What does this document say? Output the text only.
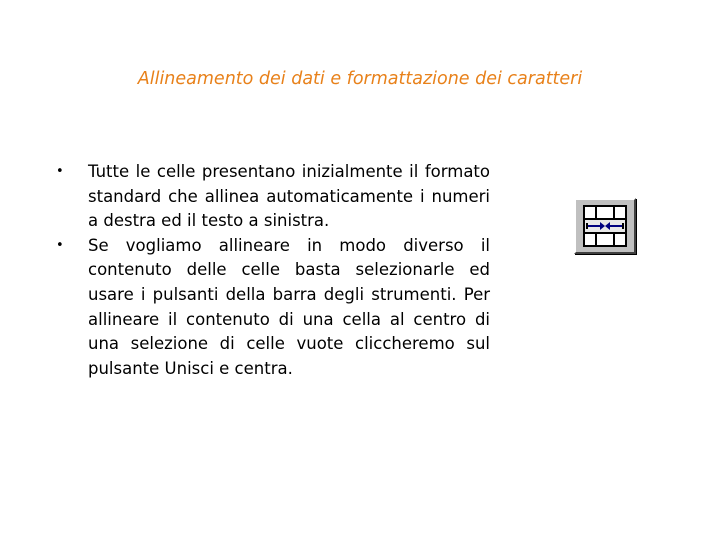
Allineamento dei dati e formattazione dei caratteri
•	Tutte le celle presentano inizialmente il formato standard che allinea automaticamente i numeri a destra ed il testo a sinistra.
•	Se vogliamo allineare in modo diverso il contenuto delle celle basta selezionarle ed usare i pulsanti della barra degli strumenti. Per allineare il contenuto di una cella al centro di una selezione di celle vuote cliccheremo sul pulsante Unisci e centra.
